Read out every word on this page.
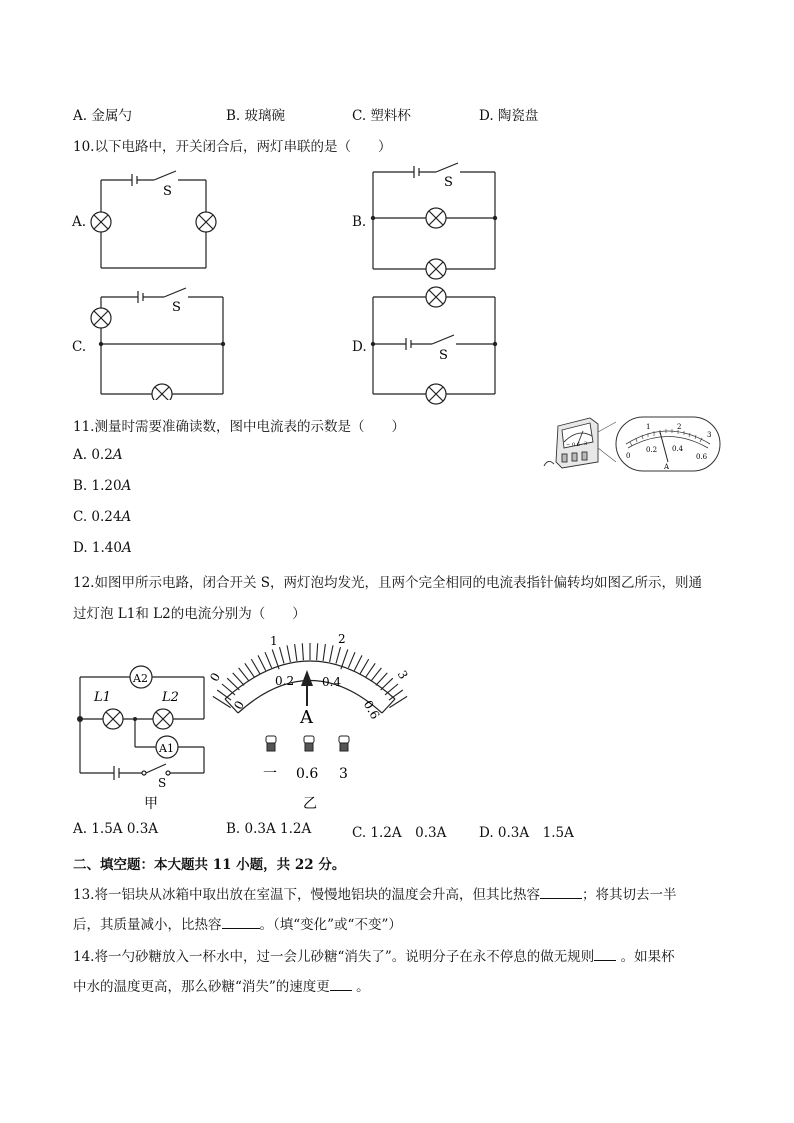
A. 金属勺	B. 玻璃碗	C. 塑料杯	D. 陶瓷盘
10.以下电路中，开关闭合后，两灯串联的是（　　）
A.	B.
C.	D.
S
S
S
S
11.测量时需要准确读数，图中电流表的示数是（　　）
A. 0.2A
B. 1.20A
C. 0.24A
D. 1.40A
− 0.6 3
1	2
3
0
0.2 0.4
0.6
A
12.如图甲所示电路，闭合开关 S，两灯泡均发光，且两个完全相同的电流表指针偏转均如图乙所示，则通
过灯泡 L1和 L2的电流分别为（　　）
A2
A1
L1	L2
S
甲
0
1	2
3
0
0.2 0.4
0.6
A
一 0.6 3
乙
A. 1.5A 0.3A	B. 0.3A 1.2A	C. 1.2A　0.3A D. 0.3A　1.5A
二、填空题：本大题共 11 小题，共 22 分。
13.将一铝块从冰箱中取出放在室温下，慢慢地铝块的温度会升高，但其比热容	；将其切去一半
后，其质量减小，比热容	。（填“变化”或“不变”）
14.将一勺砂糖放入一杯水中，过一会儿砂糖“消失了”。说明分子在永不停息的做无规则 。如果杯
中水的温度更高，那么砂糖“消失”的速度更 。
